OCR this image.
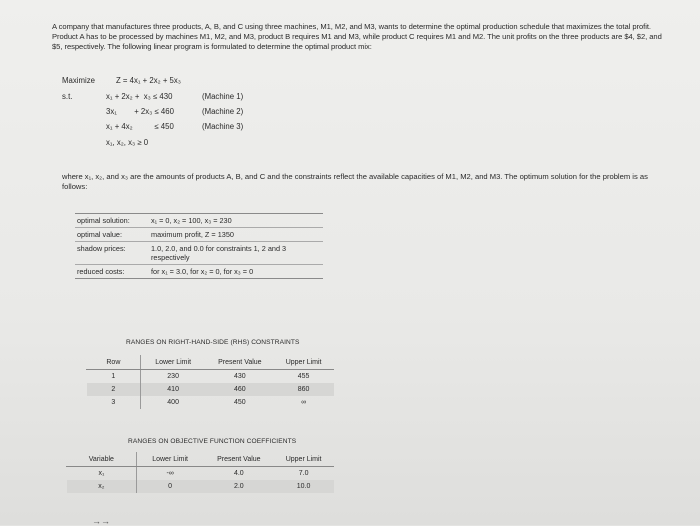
A company that manufactures three products, A, B, and C using three machines, M1, M2, and M3, wants to determine the optimal production schedule that maximizes the total profit. Product A has to be processed by machines M1, M2, and M3, product B requires M1 and M3, while product C requires M1 and M2. The unit profits on the three products are $4, $2, and $5, respectively. The following linear program is formulated to determine the optimal product mix:
Maximize	Z = 4x₁ + 2x₂ + 5x₃
s.t.	x₁ + 2x₂ +  x₃ ≤ 430	(Machine 1)
3x₁        + 2x₃ ≤ 460	(Machine 2)
x₁ + 4x₂          ≤ 450	(Machine 3)
x₁, x₂, x₃ ≥ 0
where x₁, x₂, and x₃ are the amounts of products A, B, and C and the constraints reflect the available capacities of M1, M2, and M3. The optimum solution for the problem is as follows:
optimal solution:	x₁ = 0, x₂ = 100, x₃ = 230
optimal value:	maximum profit, Z = 1350
shadow prices:	1.0, 2.0, and 0.0 for constraints 1, 2 and 3 respectively
reduced costs:	for x₁ = 3.0, for x₂ = 0, for x₃ = 0
RANGES ON RIGHT-HAND-SIDE (RHS) CONSTRAINTS
Row	Lower Limit	Present Value	Upper Limit
1	230	430	455
2	410	460	860
3	400	450	∞
RANGES ON OBJECTIVE FUNCTION COEFFICIENTS
Variable	Lower Limit	Present Value	Upper Limit
x₁	-∞	4.0	7.0
x₂	0	2.0	10.0
→→
